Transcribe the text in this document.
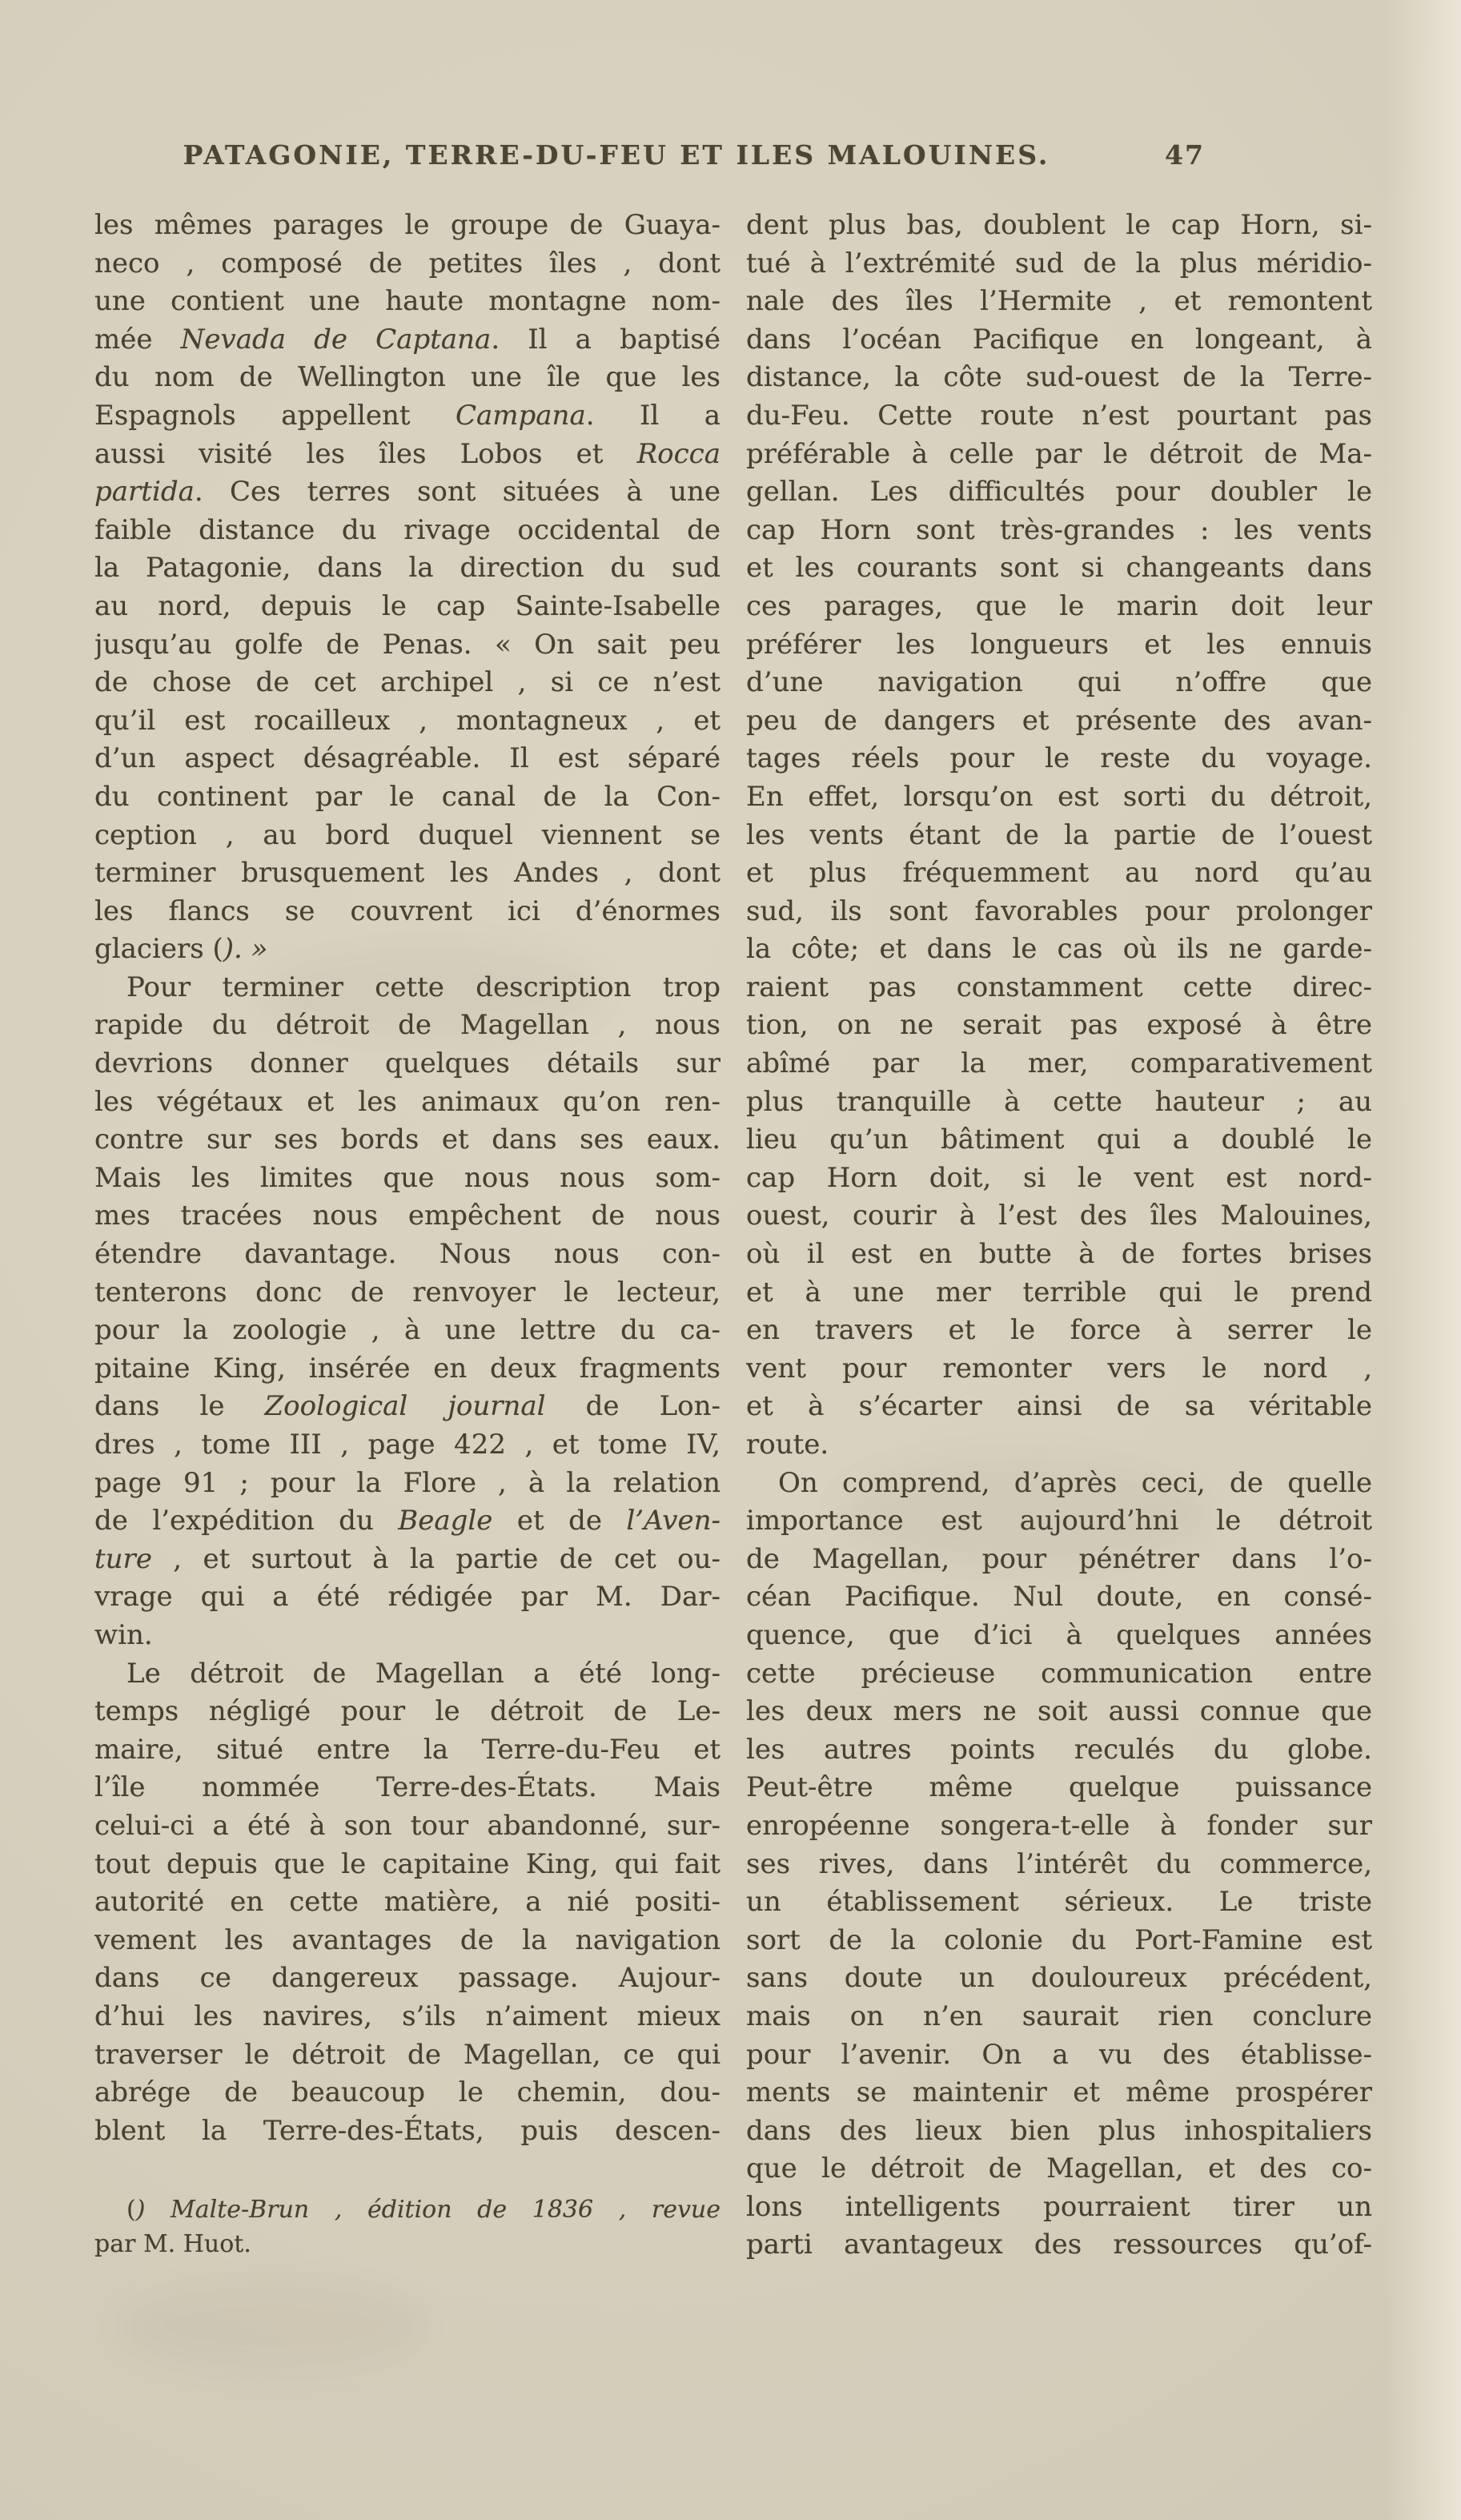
PATAGONIE, TERRE-DU-FEU ET ILES MALOUINES.	47
les mêmes parages le groupe de Guaya-
neco , composé de petites îles , dont
une contient une haute montagne nom-
mée Nevada de Captana. Il a baptisé
du nom de Wellington une île que les
Espagnols appellent Campana. Il a
aussi visité les îles Lobos et Rocca
partida. Ces terres sont situées à une
faible distance du rivage occidental de
la Patagonie, dans la direction du sud
au nord, depuis le cap Sainte-Isabelle
jusqu’au golfe de Penas. « On sait peu
de chose de cet archipel , si ce n’est
qu’il est rocailleux , montagneux , et
d’un aspect désagréable. Il est séparé
du continent par le canal de la Con-
ception , au bord duquel viennent se
terminer brusquement les Andes , dont
les flancs se couvrent ici d’énormes
glaciers (). »
Pour terminer cette description trop
rapide du détroit de Magellan , nous
devrions donner quelques détails sur
les végétaux et les animaux qu’on ren-
contre sur ses bords et dans ses eaux.
Mais les limites que nous nous som-
mes tracées nous empêchent de nous
étendre davantage. Nous nous con-
tenterons donc de renvoyer le lecteur,
pour la zoologie , à une lettre du ca-
pitaine King, insérée en deux fragments
dans le Zoological journal de Lon-
dres , tome III , page 422 , et tome IV,
page 91 ; pour la Flore , à la relation
de l’expédition du Beagle et de l’Aven-
ture , et surtout à la partie de cet ou-
vrage qui a été rédigée par M. Dar-
win.
Le détroit de Magellan a été long-
temps négligé pour le détroit de Le-
maire, situé entre la Terre-du-Feu et
l’île nommée Terre-des-États. Mais
celui-ci a été à son tour abandonné, sur-
tout depuis que le capitaine King, qui fait
autorité en cette matière, a nié positi-
vement les avantages de la navigation
dans ce dangereux passage. Aujour-
d’hui les navires, s’ils n’aiment mieux
traverser le détroit de Magellan, ce qui
abrége de beaucoup le chemin, dou-
blent la Terre-des-États, puis descen-
dent plus bas, doublent le cap Horn, si-
tué à l’extrémité sud de la plus méridio-
nale des îles l’Hermite , et remontent
dans l’océan Pacifique en longeant, à
distance, la côte sud-ouest de la Terre-
du-Feu. Cette route n’est pourtant pas
préférable à celle par le détroit de Ma-
gellan. Les difficultés pour doubler le
cap Horn sont très-grandes : les vents
et les courants sont si changeants dans
ces parages, que le marin doit leur
préférer les longueurs et les ennuis
d’une navigation qui n’offre que
peu de dangers et présente des avan-
tages réels pour le reste du voyage.
En effet, lorsqu’on est sorti du détroit,
les vents étant de la partie de l’ouest
et plus fréquemment au nord qu’au
sud, ils sont favorables pour prolonger
la côte; et dans le cas où ils ne garde-
raient pas constamment cette direc-
tion, on ne serait pas exposé à être
abîmé par la mer, comparativement
plus tranquille à cette hauteur ; au
lieu qu’un bâtiment qui a doublé le
cap Horn doit, si le vent est nord-
ouest, courir à l’est des îles Malouines,
où il est en butte à de fortes brises
et à une mer terrible qui le prend
en travers et le force à serrer le
vent pour remonter vers le nord ,
et à s’écarter ainsi de sa véritable
route.
On comprend, d’après ceci, de quelle
importance est aujourd’hni le détroit
de Magellan, pour pénétrer dans l’o-
céan Pacifique. Nul doute, en consé-
quence, que d’ici à quelques années
cette précieuse communication entre
les deux mers ne soit aussi connue que
les autres points reculés du globe.
Peut-être même quelque puissance
enropéenne songera-t-elle à fonder sur
ses rives, dans l’intérêt du commerce,
un établissement sérieux. Le triste
sort de la colonie du Port-Famine est
sans doute un douloureux précédent,
mais on n’en saurait rien conclure
pour l’avenir. On a vu des établisse-
ments se maintenir et même prospérer
dans des lieux bien plus inhospitaliers
que le détroit de Magellan, et des co-
lons intelligents pourraient tirer un
parti avantageux des ressources qu’of-
() Malte-Brun , édition de 1836 , revue
par M. Huot.
